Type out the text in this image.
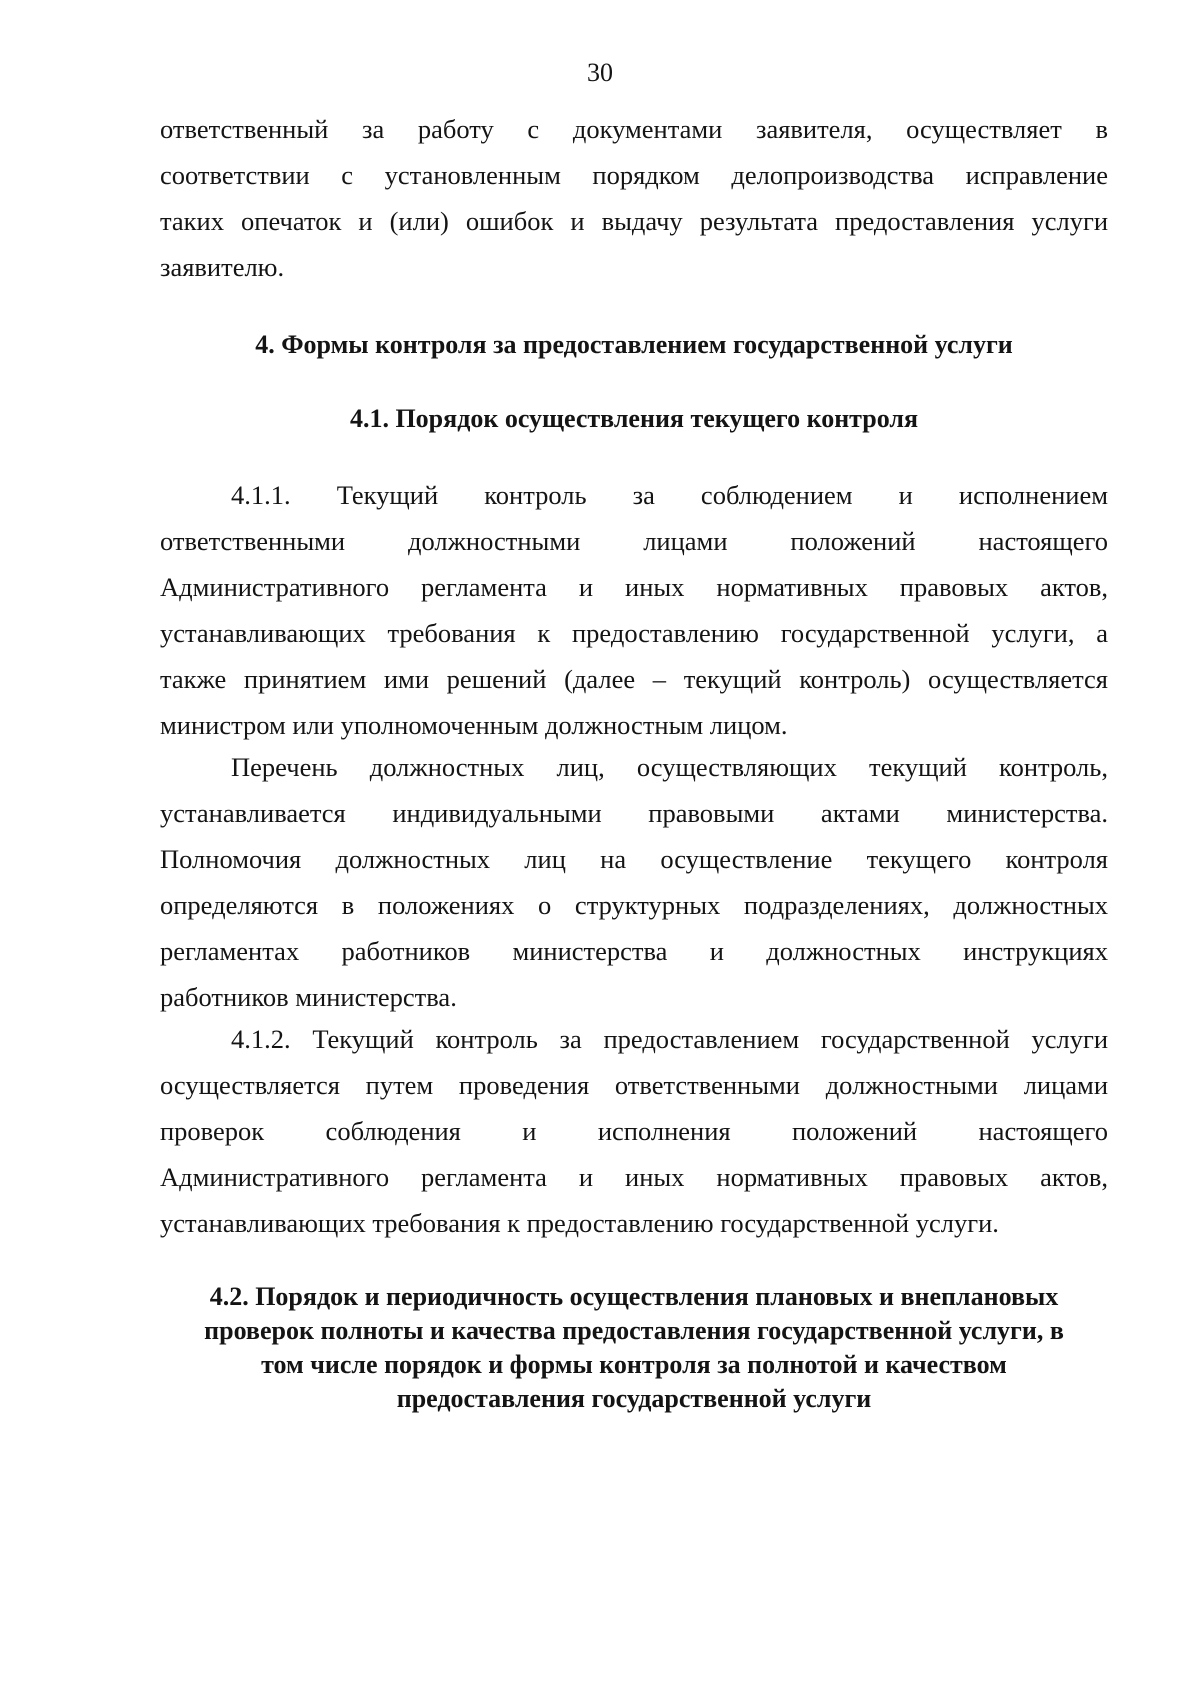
30
ответственный за работу с документами заявителя, осуществляет в
соответствии с установленным порядком делопроизводства исправление
таких опечаток и (или) ошибок и выдачу результата предоставления услуги
заявителю.
4. Формы контроля за предоставлением государственной услуги
4.1. Порядок осуществления текущего контроля
4.1.1. Текущий контроль за соблюдением и исполнением
ответственными должностными лицами положений настоящего
Административного регламента и иных нормативных правовых актов,
устанавливающих требования к предоставлению государственной услуги, а
также принятием ими решений (далее – текущий контроль) осуществляется
министром или уполномоченным должностным лицом.
Перечень должностных лиц, осуществляющих текущий контроль,
устанавливается индивидуальными правовыми актами министерства.
Полномочия должностных лиц на осуществление текущего контроля
определяются в положениях о структурных подразделениях, должностных
регламентах работников министерства и должностных инструкциях
работников министерства.
4.1.2. Текущий контроль за предоставлением государственной услуги
осуществляется путем проведения ответственными должностными лицами
проверок соблюдения и исполнения положений настоящего
Административного регламента и иных нормативных правовых актов,
устанавливающих требования к предоставлению государственной услуги.
4.2. Порядок и периодичность осуществления плановых и внеплановых
проверок полноты и качества предоставления государственной услуги, в
том числе порядок и формы контроля за полнотой и качеством
предоставления государственной услуги
